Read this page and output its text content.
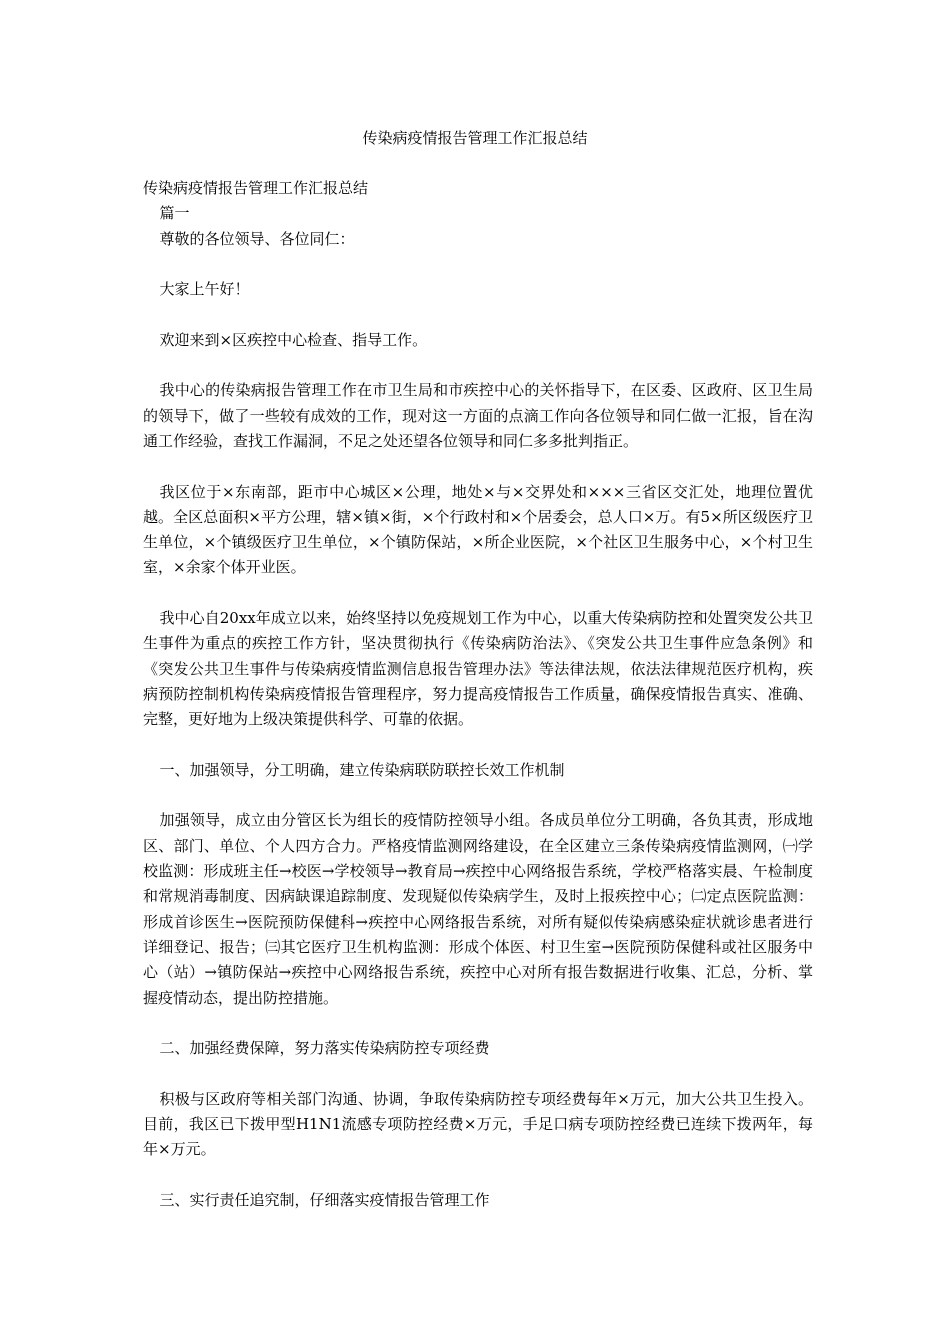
传染病疫情报告管理工作汇报总结

传染病疫情报告管理工作汇报总结

篇一

尊敬的各位领导、各位同仁：

大家上午好！

欢迎来到×区疾控中心检查、指导工作。

我中心的传染病报告管理工作在市卫生局和市疾控中心的关怀指导下，在区委、区政府、区卫生局的领导下，做了一些较有成效的工作，现对这一方面的点滴工作向各位领导和同仁做一汇报，旨在沟通工作经验，查找工作漏洞，不足之处还望各位领导和同仁多多批判指正。

我区位于×东南部，距市中心城区×公理，地处×与×交界处和×××三省区交汇处，地理位置优越。全区总面积×平方公理，辖×镇×街，×个行政村和×个居委会，总人口×万。有5×所区级医疗卫生单位，×个镇级医疗卫生单位，×个镇防保站，×所企业医院，×个社区卫生服务中心，×个村卫生室，×余家个体开业医。

我中心自20xx年成立以来，始终坚持以免疫规划工作为中心，以重大传染病防控和处置突发公共卫生事件为重点的疾控工作方针，坚决贯彻执行《传染病防治法》、《突发公共卫生事件应急条例》和《突发公共卫生事件与传染病疫情监测信息报告管理办法》等法律法规，依法法律规范医疗机构，疾病预防控制机构传染病疫情报告管理程序，努力提高疫情报告工作质量，确保疫情报告真实、准确、完整，更好地为上级决策提供科学、可靠的依据。

一、加强领导，分工明确，建立传染病联防联控长效工作机制

加强领导，成立由分管区长为组长的疫情防控领导小组。各成员单位分工明确，各负其责，形成地区、部门、单位、个人四方合力。严格疫情监测网络建设，在全区建立三条传染病疫情监测网，㈠学校监测：形成班主任→校医→学校领导→教育局→疾控中心网络报告系统，学校严格落实晨、午检制度和常规消毒制度、因病缺课追踪制度、发现疑似传染病学生，及时上报疾控中心；㈡定点医院监测：形成首诊医生→医院预防保健科→疾控中心网络报告系统，对所有疑似传染病感染症状就诊患者进行详细登记、报告；㈢其它医疗卫生机构监测：形成个体医、村卫生室→医院预防保健科或社区服务中心（站）→镇防保站→疾控中心网络报告系统，疾控中心对所有报告数据进行收集、汇总，分析、掌握疫情动态，提出防控措施。

二、加强经费保障，努力落实传染病防控专项经费

积极与区政府等相关部门沟通、协调，争取传染病防控专项经费每年×万元，加大公共卫生投入。目前，我区已下拨甲型H1N1流感专项防控经费×万元，手足口病专项防控经费已连续下拨两年，每年×万元。

三、实行责任追究制，仔细落实疫情报告管理工作
